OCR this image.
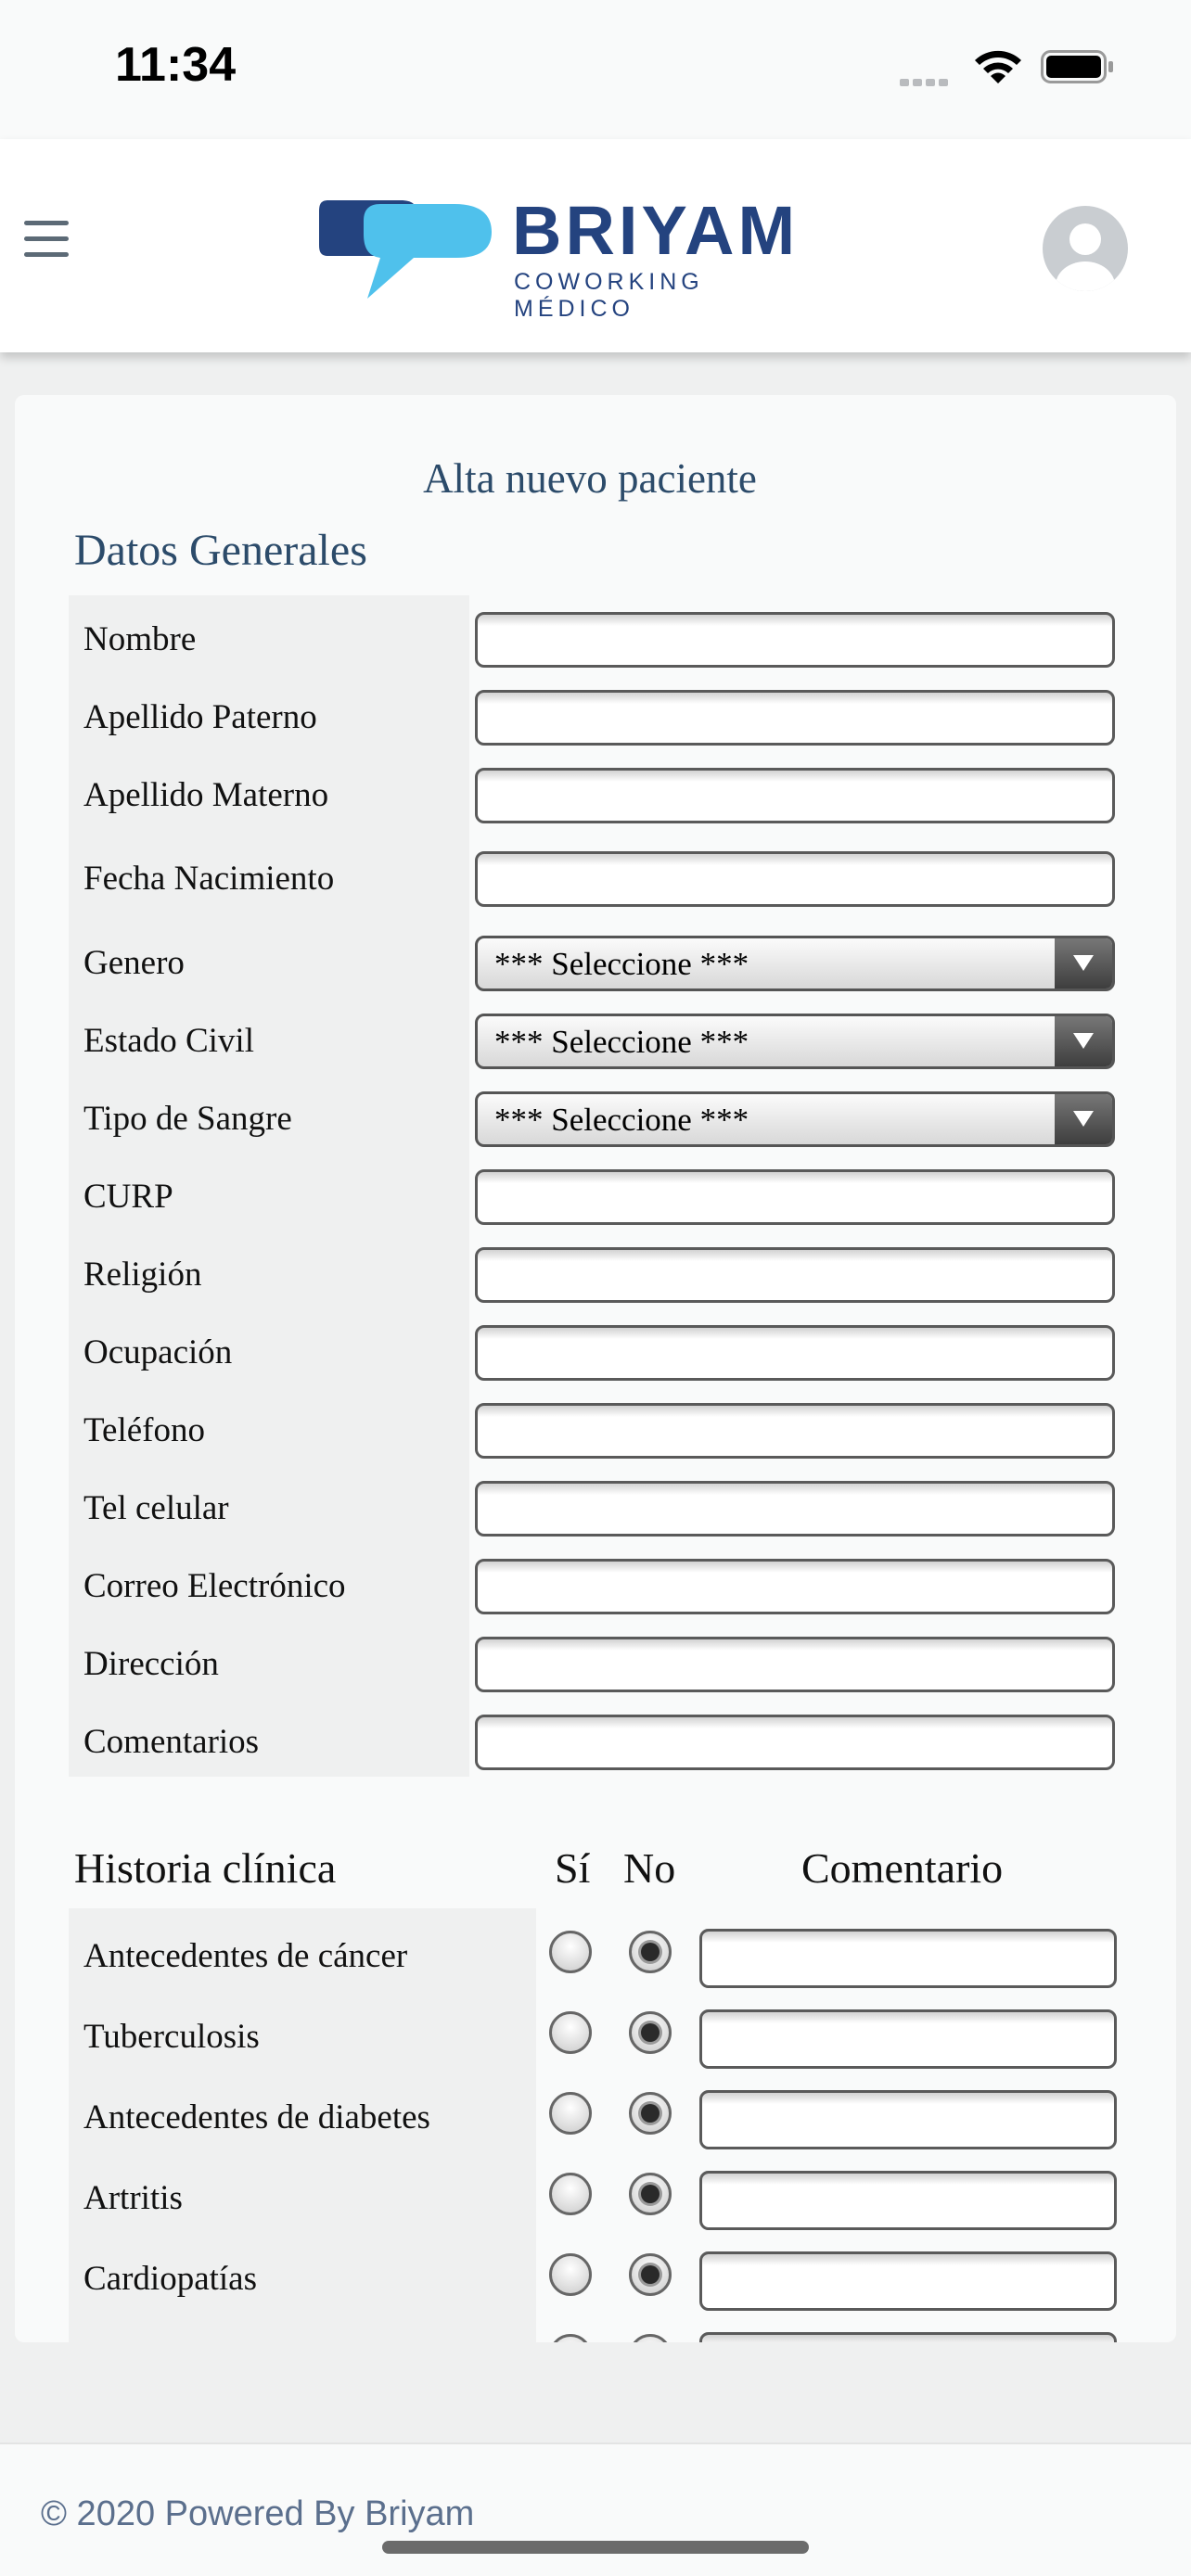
11:34
BRIYAM
COWORKING MÉDICO
Alta nuevo paciente
Datos Generales
Nombre
Apellido Paterno
Apellido Materno
Fecha Nacimiento
Genero	*** Seleccione ***
Estado Civil	*** Seleccione ***
Tipo de Sangre	*** Seleccione ***
CURP
Religión
Ocupación
Teléfono
Tel celular
Correo Electrónico
Dirección
Comentarios
Historia clínica	Sí No	Comentario
Antecedentes de cáncer
Tuberculosis
Antecedentes de diabetes
Artritis
Cardiopatías
© 2020 Powered By Briyam
